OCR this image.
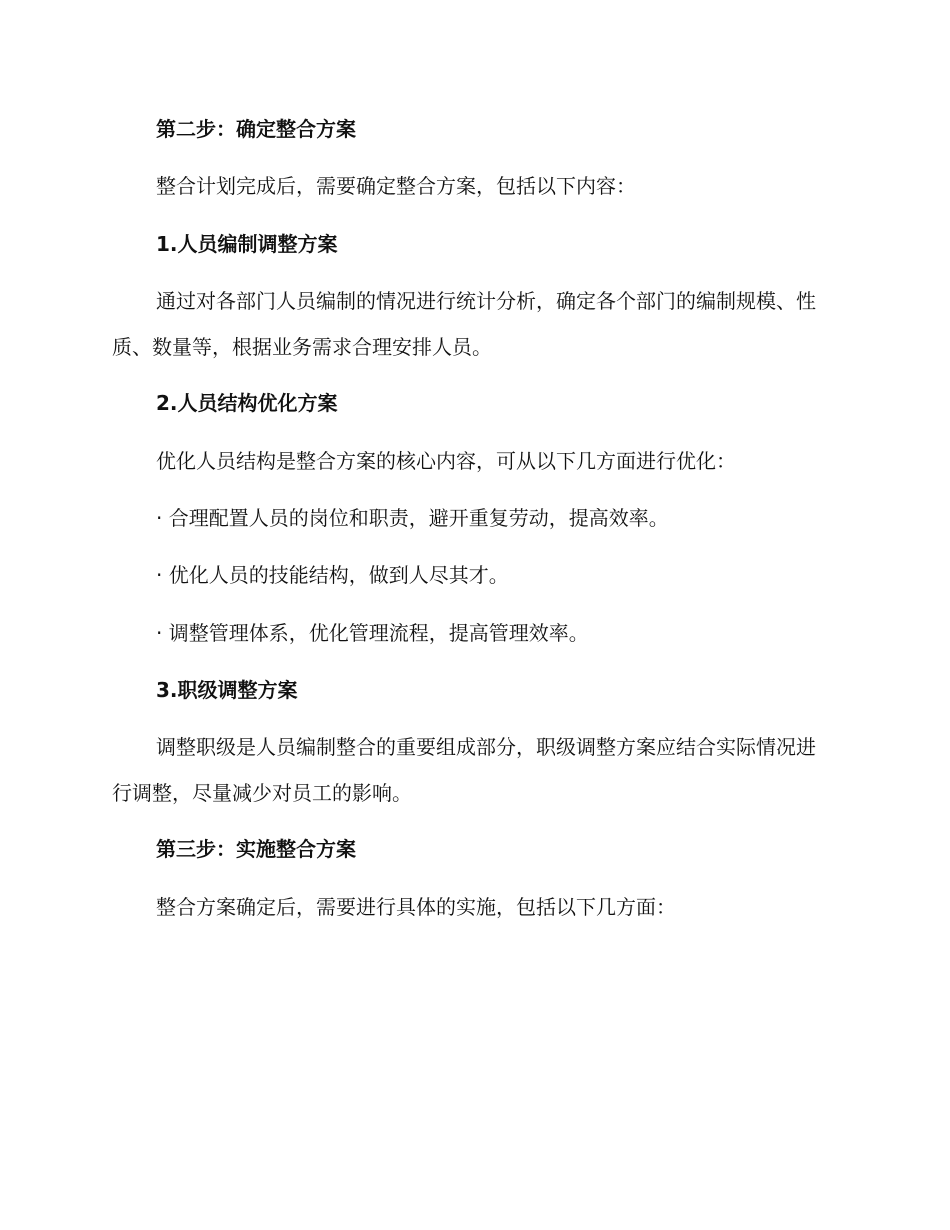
第二步：确定整合方案
整合计划完成后，需要确定整合方案，包括以下内容：
1.人员编制调整方案
通过对各部门人员编制的情况进行统计分析，确定各个部门的编制规模、性质、数量等，根据业务需求合理安排人员。
2.人员结构优化方案
优化人员结构是整合方案的核心内容，可从以下几方面进行优化：
· 合理配置人员的岗位和职责，避开重复劳动，提高效率。
· 优化人员的技能结构，做到人尽其才。
· 调整管理体系，优化管理流程，提高管理效率。
3.职级调整方案
调整职级是人员编制整合的重要组成部分，职级调整方案应结合实际情况进行调整，尽量减少对员工的影响。
第三步：实施整合方案
整合方案确定后，需要进行具体的实施，包括以下几方面：
